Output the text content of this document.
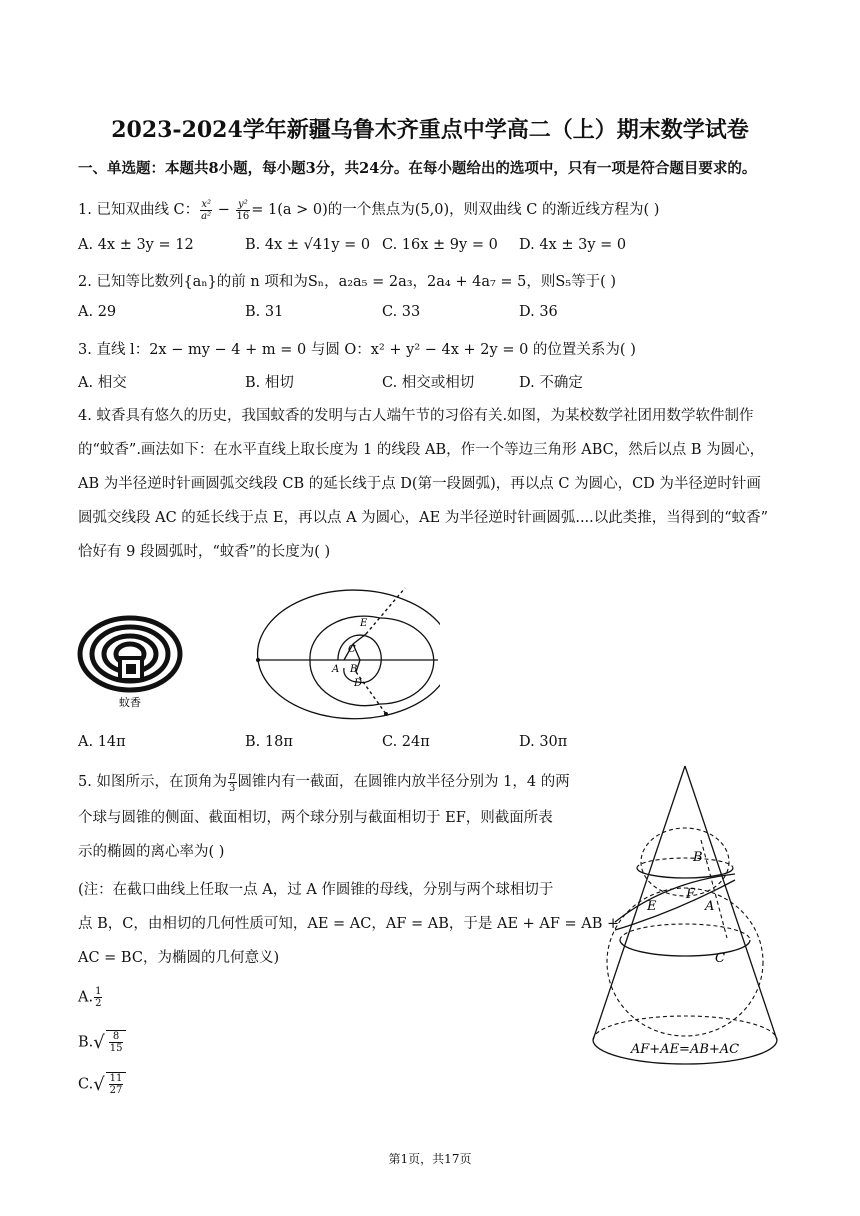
2023-2024学年新疆乌鲁木齐重点中学高二（上）期末数学试卷
一、单选题：本题共8小题，每小题3分，共24分。在每小题给出的选项中，只有一项是符合题目要求的。
1. 已知双曲线 C： $\frac{\text{x²}}{\text{a²}} - \frac{\text{y²}}{16} = 1(a > 0)$的一个焦点为(5,0)，则双曲线 C 的渐近线方程为( )
A. 4x ± 3y = 12	B. 4x ± √41y = 0 C. 16x ± 9y = 0 D. 4x ± 3y = 0
2. 已知等比数列{aₙ}的前 n 项和为Sₙ，a₂a₅ = 2a₃，2a₄ + 4a₇ = 5，则S₅等于( )
A. 29	B. 31	C. 33	D. 36
3. 直线 l：2x − my − 4 + m = 0 与圆 O：x² + y² − 4x + 2y = 0 的位置关系为( )
A. 相交	B. 相切	C. 相交或相切	D. 不确定
4. 蚊香具有悠久的历史，我国蚊香的发明与古人端午节的习俗有关.如图，为某校数学社团用数学软件制作
的“蚊香”.画法如下：在水平直线上取长度为 1 的线段 AB，作一个等边三角形 ABC，然后以点 B 为圆心，
AB 为半径逆时针画圆弧交线段 CB 的延长线于点 D(第一段圆弧)，再以点 C 为圆心，CD 为半径逆时针画
圆弧交线段 AC 的延长线于点 E，再以点 A 为圆心，AE 为半径逆时针画圆弧....以此类推，当得到的“蚊香”
恰好有 9 段圆弧时，“蚊香”的长度为( )
蚊香
E
C
A B
D
A. 14π	B. 18π	C. 24π	D. 30π
5. 如图所示，在顶角为 $\frac{\pi}{3}$ 圆锥内有一截面，在圆锥内放半径分别为 1，4 的两
个球与圆锥的侧面、截面相切，两个球分别与截面相切于 EF，则截面所表
示的椭圆的离心率为( )
(注：在截口曲线上任取一点 A，过 A 作圆锥的母线，分别与两个球相切于
点 B，C，由相切的几何性质可知，AE = AC，AF = AB，于是 AE + AF = AB +
AC = BC，为椭圆的几何意义)
A. $\frac{1}{2}$
$B.√ \frac{8}{15}$
$C.√ \frac{11}{27}$
B
F
E	A
C
AF+AE=AB+AC
第1页，共17页
